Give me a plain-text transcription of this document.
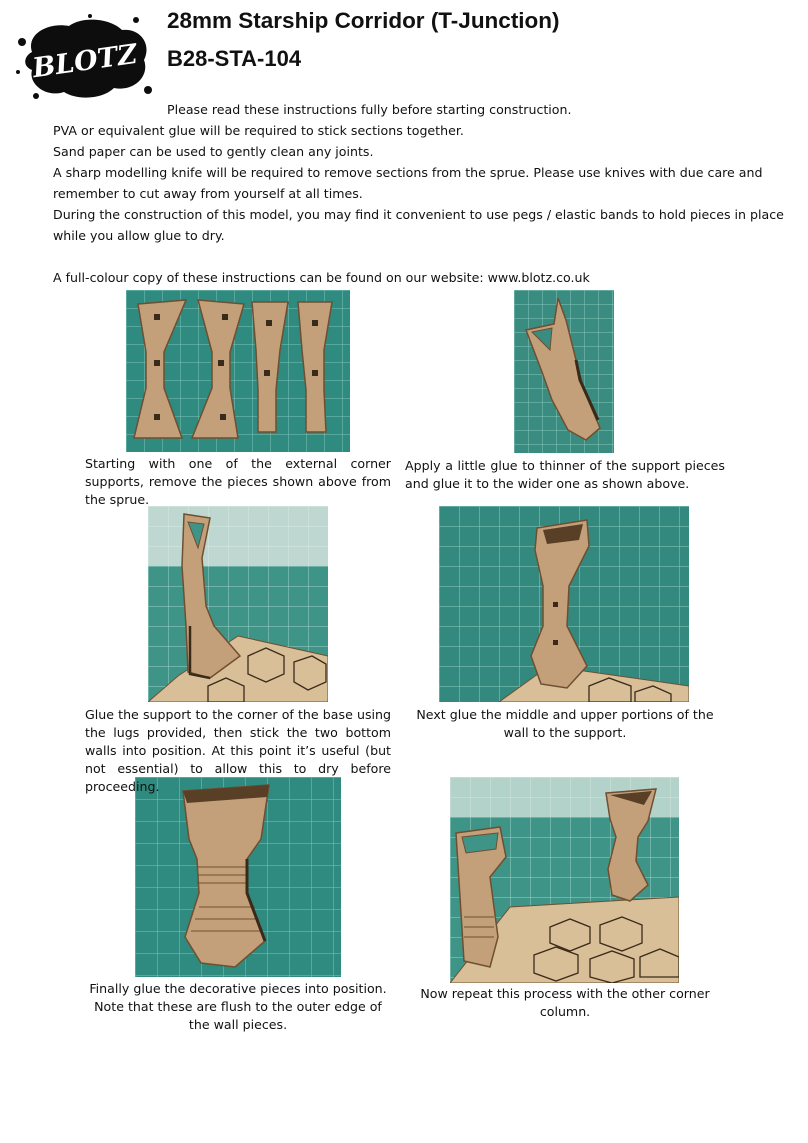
BLOTZ
28mm Starship Corridor (T-Junction)
B28-STA-104
Please read these instructions fully before starting construction.
PVA or equivalent glue will be required to stick sections together.
Sand paper can be used to gently clean any joints.
A sharp modelling knife will be required to remove sections from the sprue. Please use knives with due care and remember to cut away from yourself at all times.
During the construction of this model, you may find it convenient to use pegs / elastic bands to hold pieces in place while you allow glue to dry.
A full-colour copy of these instructions can be found on our website: www.blotz.co.uk
Starting with one of the external corner supports, remove the pieces shown above from the sprue.
Apply a little glue to thinner of the support pieces and glue it to the wider one as shown above.
Glue the support to the corner of the base using the lugs provided, then stick the two bottom walls into position. At this point it’s useful (but not essential) to allow this to dry before proceeding.
Next glue the middle and upper portions of the wall to the support.
Finally glue the decorative pieces into position. Note that these are flush to the outer edge of the wall pieces.
Now repeat this process with the other corner column.
